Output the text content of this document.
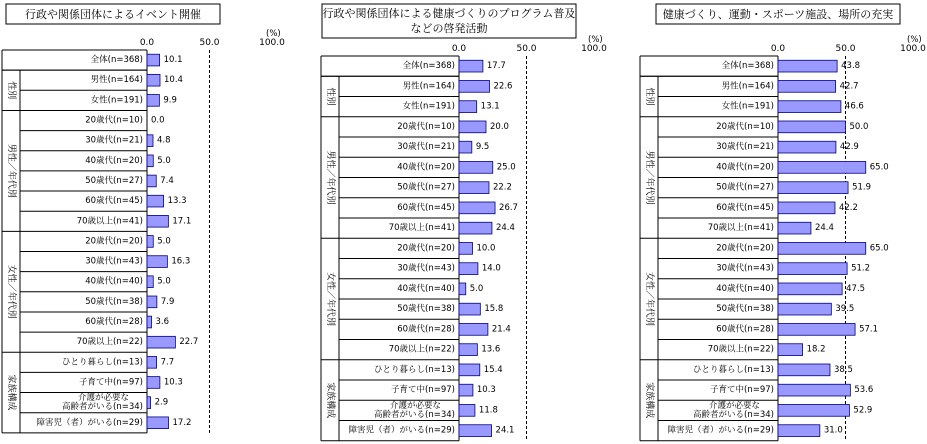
行政や関係団体によるイベント開催
(%)
0.0	50.0	100.0
性別
男性／年代別
女性／年代別
家族構成
全体(n=368) 10.1
男性(n=164) 10.4
女性(n=191) 9.9
20歳代(n=10) 0.0
30歳代(n=21) 4.8
40歳代(n=20) 5.0
50歳代(n=27) 7.4
60歳代(n=45)	13.3
70歳以上(n=41)	17.1
20歳代(n=20) 5.0
30歳代(n=43)	16.3
40歳代(n=40) 5.0
50歳代(n=38) 7.9
60歳代(n=28) 3.6
70歳以上(n=22)	22.7
ひとり暮らし(n=13) 7.7
子育て中(n=97) 10.3
介護が必要な
高齢者がいる(n=34) 2.9
障害児（者）がいる(n=29)	17.2
行政や関係団体による健康づくりのプログラム普及
などの啓発活動
(%)
0.0	50.0	100.0
性別
男性／年代別
女性／年代別
家族構成
全体(n=368)	17.7
男性(n=164)	22.6
女性(n=191)	13.1
20歳代(n=10)	20.0
30歳代(n=21) 9.5
40歳代(n=20)	25.0
50歳代(n=27)	22.2
60歳代(n=45)	26.7
70歳以上(n=41)	24.4
20歳代(n=20)	10.0
30歳代(n=43)	14.0
40歳代(n=40) 5.0
50歳代(n=38)	15.8
60歳代(n=28)	21.4
70歳以上(n=22)	13.6
ひとり暮らし(n=13)	15.4
子育て中(n=97)	10.3
介護が必要な
高齢者がいる(n=34)	11.8
障害児（者）がいる(n=29)	24.1
健康づくり、運動・スポーツ施設、場所の充実
(%)
0.0	50.0	100.0
性別
男性／年代別
女性／年代別
家族構成
全体(n=368)	43.8
男性(n=164)	42.7
女性(n=191)	46.6
20歳代(n=10)	50.0
30歳代(n=21)	42.9
40歳代(n=20)	65.0
50歳代(n=27)	51.9
60歳代(n=45)	42.2
70歳以上(n=41)	24.4
20歳代(n=20)	65.0
30歳代(n=43)	51.2
40歳代(n=40)	47.5
50歳代(n=38)	39.5
60歳代(n=28)	57.1
70歳以上(n=22)	18.2
ひとり暮らし(n=13)	38.5
子育て中(n=97)	53.6
介護が必要な
高齢者がいる(n=34)	52.9
障害児（者）がいる(n=29)	31.0
